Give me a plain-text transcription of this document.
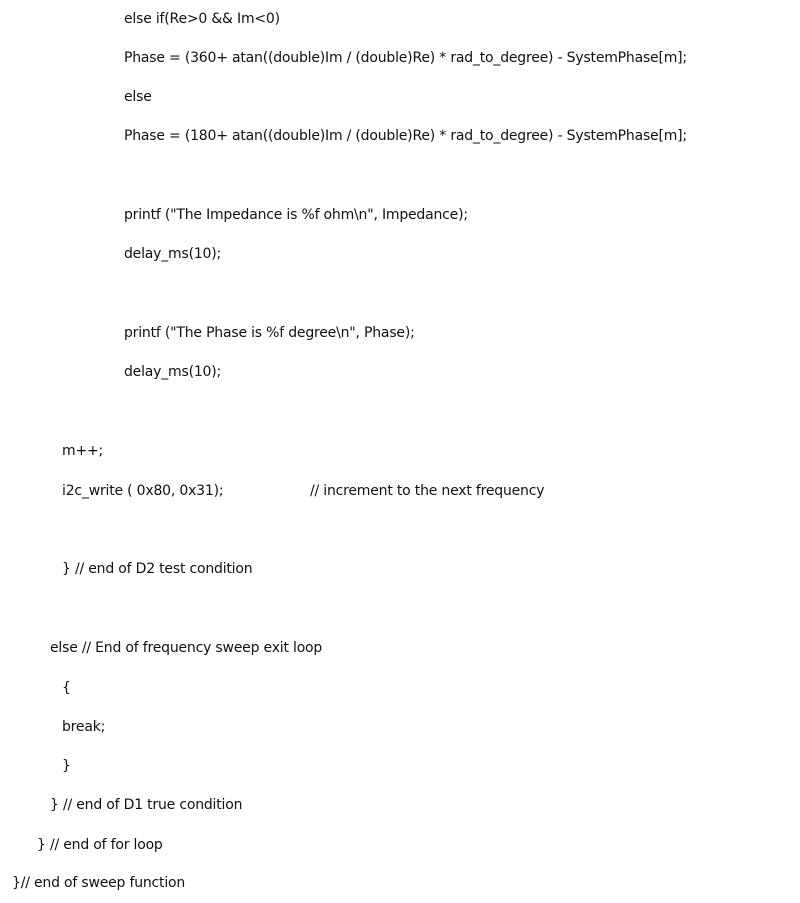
else if(Re>0 && Im<0)
Phase = (360+ atan((double)Im / (double)Re) * rad_to_degree) - SystemPhase[m];
else
Phase = (180+ atan((double)Im / (double)Re) * rad_to_degree) - SystemPhase[m];
printf ("The Impedance is %f ohm\n", Impedance);
delay_ms(10);
printf ("The Phase is %f degree\n", Phase);
delay_ms(10);
m++;
i2c_write ( 0x80, 0x31);	// increment to the next frequency
} // end of D2 test condition
else // End of frequency sweep exit loop
{
break;
}
} // end of D1 true condition
} // end of for loop
}// end of sweep function
